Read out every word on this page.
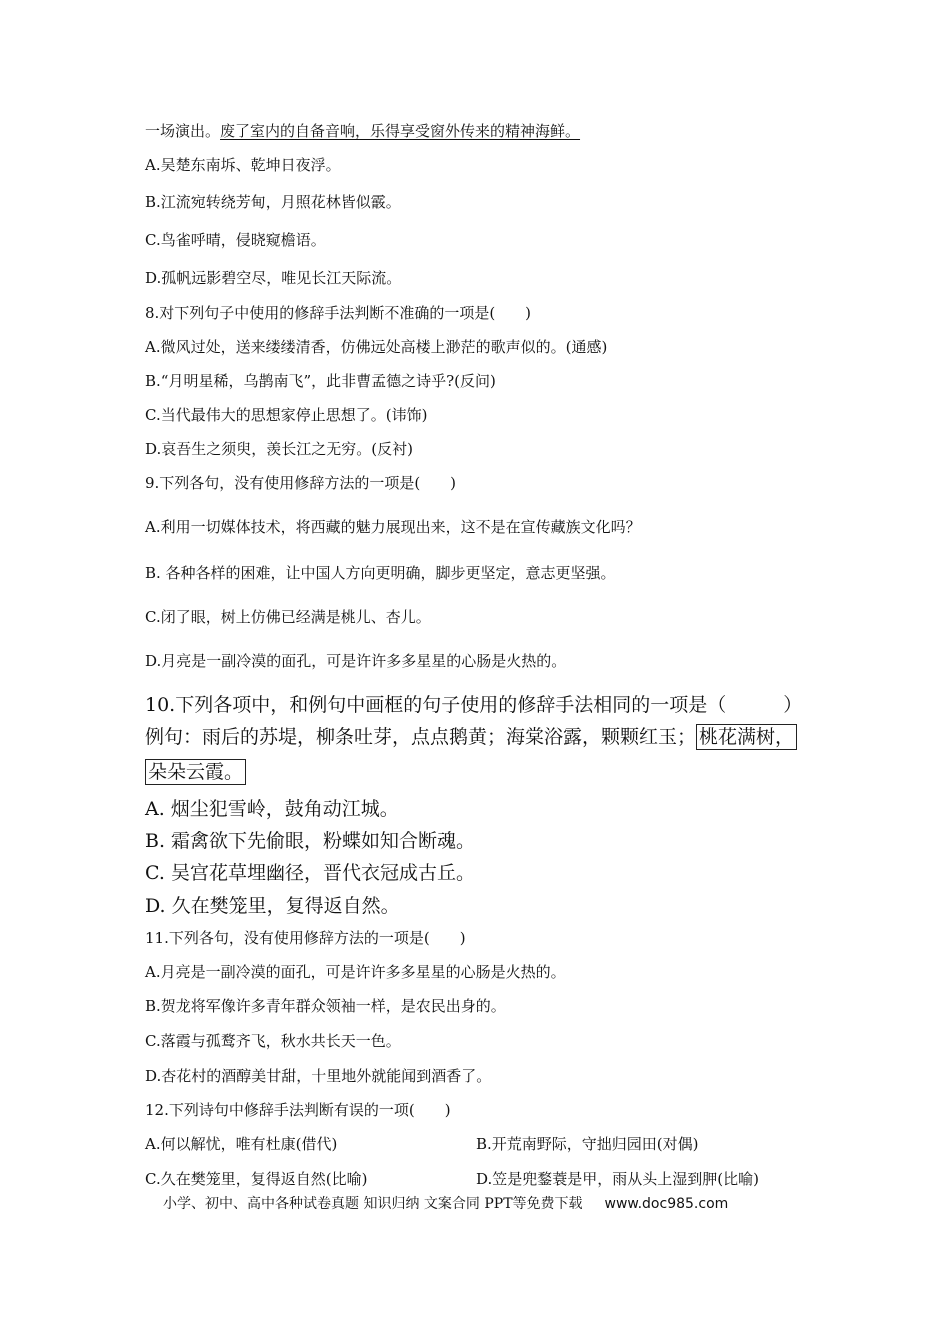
一场演出。废了室内的自备音响，乐得享受窗外传来的精神海鲜。
A.吴楚东南坼、乾坤日夜浮。
B.江流宛转绕芳甸，月照花林皆似霰。
C.鸟雀呼晴，侵晓窥檐语。
D.孤帆远影碧空尽，唯见长江天际流。
8.对下列句子中使用的修辞手法判断不准确的一项是(　　)
A.微风过处，送来缕缕清香，仿佛远处高楼上渺茫的歌声似的。(通感)
B.“月明星稀，乌鹊南飞”，此非曹孟德之诗乎?(反问)
C.当代最伟大的思想家停止思想了。(讳饰)
D.哀吾生之须臾，羡长江之无穷。(反衬)
9.下列各句，没有使用修辞方法的一项是(　　)
A.利用一切媒体技术，将西藏的魅力展现出来，这不是在宣传藏族文化吗？
B. 各种各样的困难，让中国人方向更明确，脚步更坚定，意志更坚强。
C.闭了眼，树上仿佛已经满是桃儿、杏儿。
D.月亮是一副冷漠的面孔，可是许许多多星星的心肠是火热的。
10.下列各项中，和例句中画框的句子使用的修辞手法相同的一项是（　　　）
例句：雨后的苏堤，柳条吐芽，点点鹅黄；海棠浴露，颗颗红玉； 桃花满树，
朵朵云霞。
A. 烟尘犯雪岭，鼓角动江城。
B. 霜禽欲下先偷眼，粉蝶如知合断魂。
C. 吴宫花草埋幽径，晋代衣冠成古丘。
D. 久在樊笼里，复得返自然。
11.下列各句，没有使用修辞方法的一项是(　　)
A.月亮是一副冷漠的面孔，可是许许多多星星的心肠是火热的。
B.贺龙将军像许多青年群众领袖一样，是农民出身的。
C.落霞与孤鹜齐飞，秋水共长天一色。
D.杏花村的酒醇美甘甜，十里地外就能闻到酒香了。
12.下列诗句中修辞手法判断有误的一项(　　)
A.何以解忧，唯有杜康(借代)	B.开荒南野际，守拙归园田(对偶)
C.久在樊笼里，复得返自然(比喻)	D.笠是兜鍪蓑是甲，雨从头上湿到胛(比喻)
小学、初中、高中各种试卷真题 知识归纳 文案合同 PPT等免费下载 www.doc985.com
